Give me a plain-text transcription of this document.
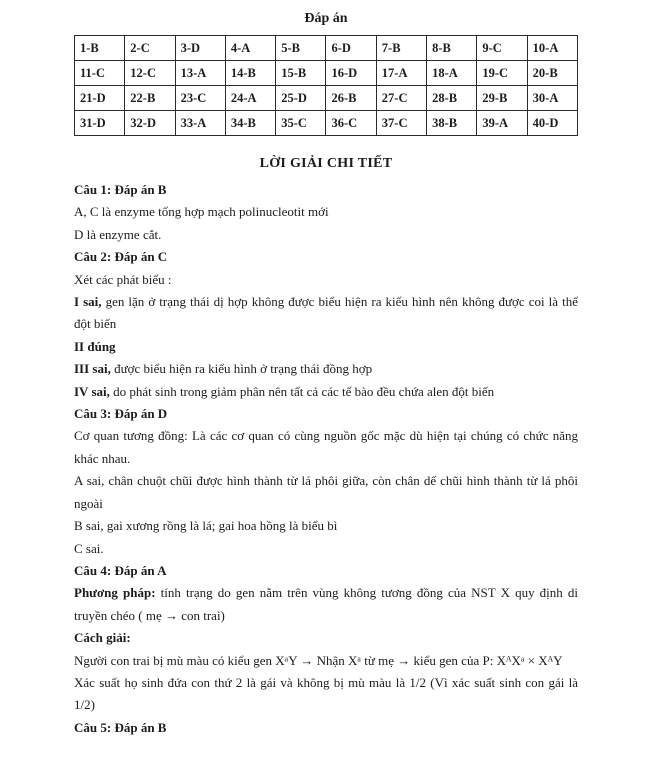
Đáp án
1-B	2-C	3-D	4-A	5-B	6-D	7-B	8-B	9-C	10-A
11-C	12-C	13-A	14-B	15-B	16-D	17-A	18-A	19-C	20-B
21-D	22-B	23-C	24-A	25-D	26-B	27-C	28-B	29-B	30-A
31-D	32-D	33-A	34-B	35-C	36-C	37-C	38-B	39-A	40-D
LỜI GIẢI CHI TIẾT

Câu 1: Đáp án B

A, C là enzyme tổng hợp mạch polinucleotit mới

D là enzyme cắt.

Câu 2: Đáp án C

Xét các phát biểu :

I sai, gen lặn ở trạng thái dị hợp không được biểu hiện ra kiểu hình nên không được coi là thể đột biến

II đúng

III sai, được biểu hiện ra kiểu hình ở trạng thái đồng hợp

IV sai, do phát sinh trong giảm phân nên tất cả các tế bào đều chứa alen đột biến

Câu 3: Đáp án D

Cơ quan tương đồng: Là các cơ quan có cùng nguồn gốc mặc dù hiện tại chúng có chức năng khác nhau.

A sai, chân chuột chũi được hình thành từ lá phôi giữa, còn chân dế chũi hình thành từ lá phôi ngoài

B sai, gai xương rồng là lá; gai hoa hồng là biểu bì

C sai.

Câu 4: Đáp án A

Phương pháp: tính trạng do gen nằm trên vùng không tương đồng của NST X quy định di truyền chéo ( mẹ → con trai)

Cách giải:

Người con trai bị mù màu có kiểu gen XᵃY → Nhận Xᵃ từ mẹ → kiểu gen của P: XᴬXᵃ × XᴬY

Xác suất họ sinh đứa con thứ 2 là gái và không bị mù màu là 1/2 (Vì xác suất sinh con gái là 1/2)

Câu 5: Đáp án B
